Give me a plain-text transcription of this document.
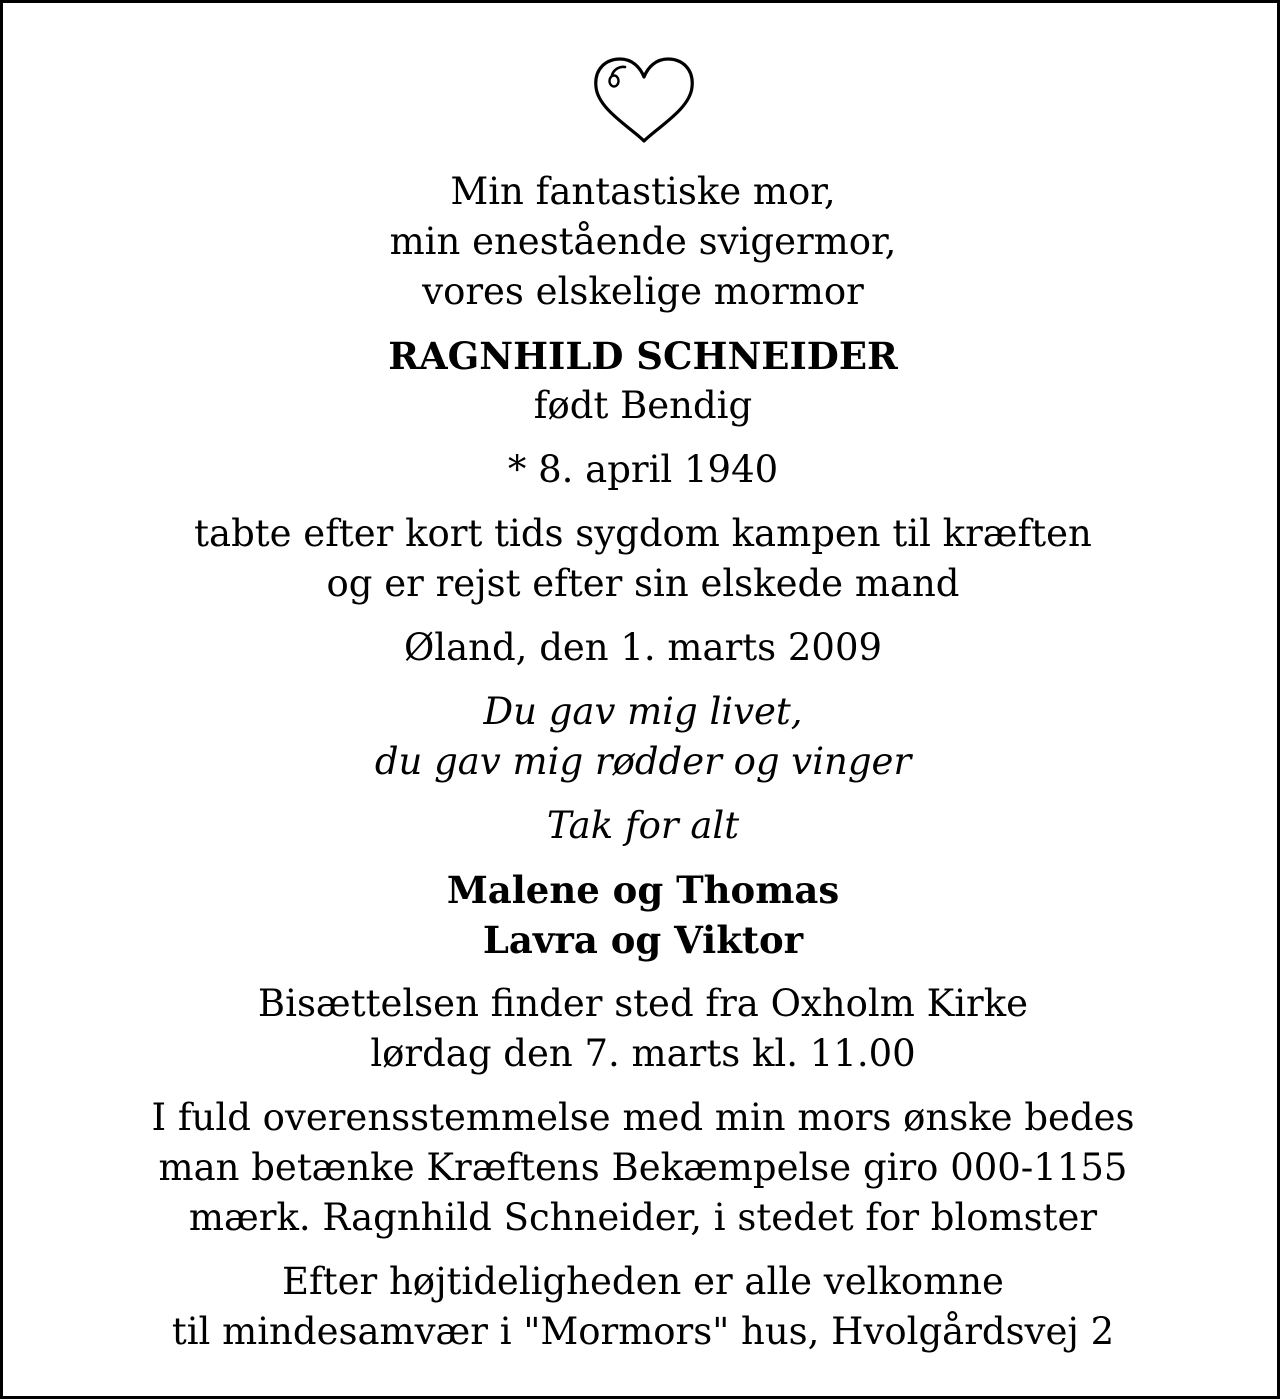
Min fantastiske mor,
min enestående svigermor,
vores elskelige mormor
RAGNHILD SCHNEIDER
født Bendig
* 8. april 1940
tabte efter kort tids sygdom kampen til kræften
og er rejst efter sin elskede mand
Øland, den 1. marts 2009
Du gav mig livet,
du gav mig rødder og vinger
Tak for alt
Malene og Thomas
Lavra og Viktor
Bisættelsen finder sted fra Oxholm Kirke
lørdag den 7. marts kl. 11.00
I fuld overensstemmelse med min mors ønske bedes
man betænke Kræftens Bekæmpelse giro 000-1155
mærk. Ragnhild Schneider, i stedet for blomster
Efter højtideligheden er alle velkomne
til mindesamvær i "Mormors" hus, Hvolgårdsvej 2
